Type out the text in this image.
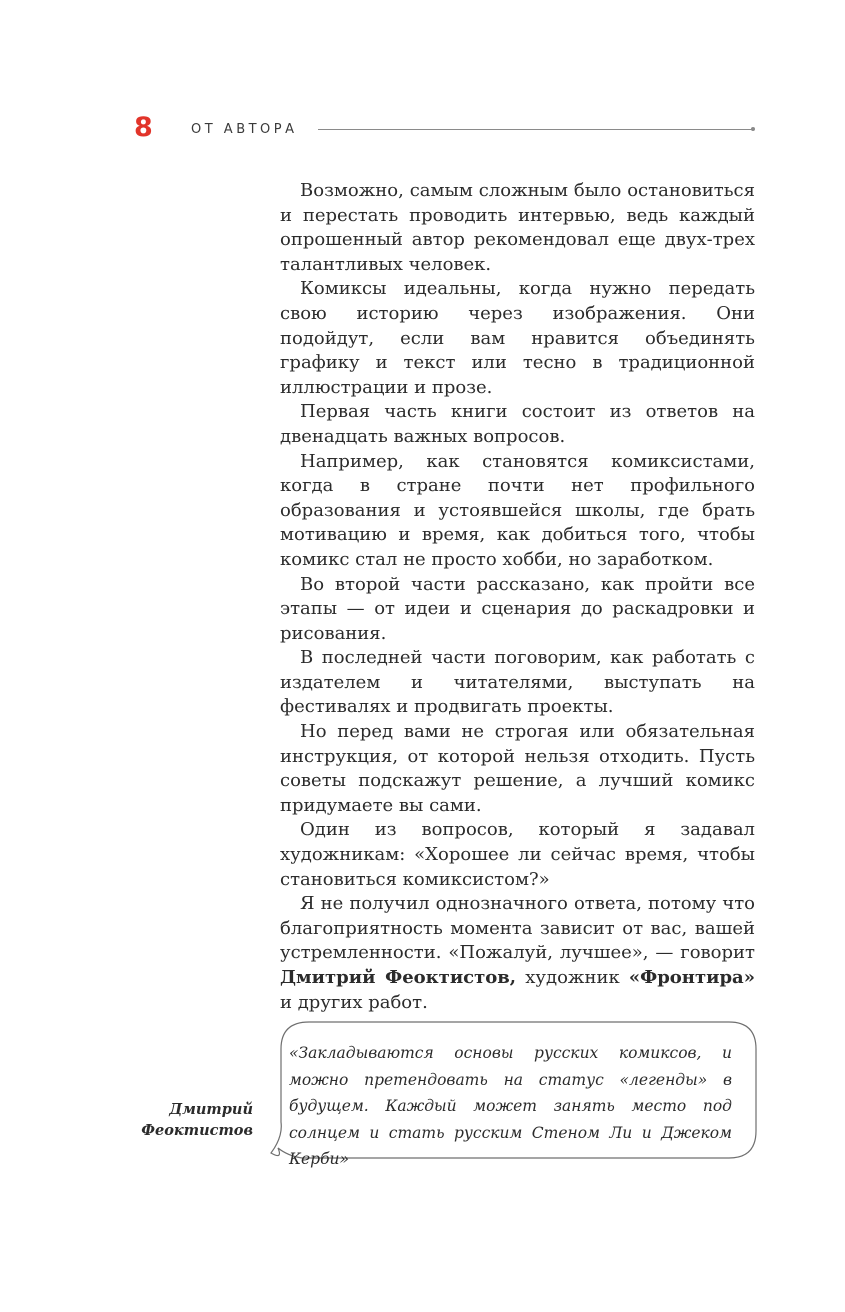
8	ОТ АВТОРА

Возможно, самым сложным было остановиться и перестать проводить интервью, ведь каждый опрошенный автор рекомендовал еще двух-трех талантливых человек.

Комиксы идеальны, когда нужно передать свою историю через изображения. Они подойдут, если вам нравится объединять графику и текст или тесно в традиционной иллюстрации и прозе.

Первая часть книги состоит из ответов на двенадцать важных вопросов.

Например, как становятся комиксистами, когда в стране почти нет профильного образования и устоявшейся школы, где брать мотивацию и время, как добиться того, чтобы комикс стал не просто хобби, но заработком.

Во второй части рассказано, как пройти все этапы — от идеи и сценария до раскадровки и рисования.

В последней части поговорим, как работать с издателем и читателями, выступать на фестивалях и продвигать проекты.

Но перед вами не строгая или обязательная инструкция, от которой нельзя отходить. Пусть советы подскажут решение, а лучший комикс придумаете вы сами.

Один из вопросов, который я задавал художникам: «Хорошее ли сейчас время, чтобы становиться комиксистом?»

Я не получил однозначного ответа, потому что благоприятность момента зависит от вас, вашей устремленности. «Пожалуй, лучшее», — говорит Дмитрий Феоктистов, художник «Фронтира» и других работ.

Дмитрий
Феоктистов

«Закладываются основы русских комиксов, и можно претендовать на статус «легенды» в будущем. Каждый может занять место под солнцем и стать русским Стеном Ли и Джеком Керби»
